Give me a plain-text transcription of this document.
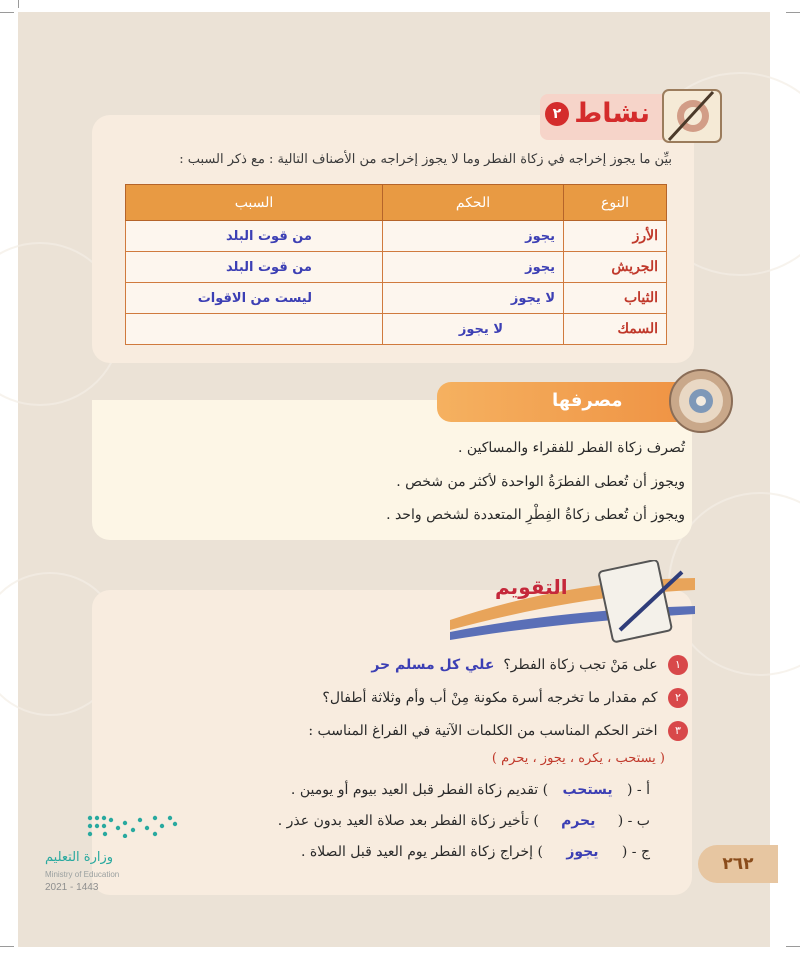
٢ نشاط
بيِّن ما يجوز إخراجه في زكاة الفطر وما لا يجوز إخراجه من الأصناف التالية : مع ذكر السبب :
النوع	الحكم	السبب
الأرز	يجوز	من قوت البلد
الجريش	يجوز	من قوت البلد
الثياب	لا يجوز	ليست من الاقوات
السمك	لا يجوز	
مصرفها
تُصرف زكاة الفطر للفقراء والمساكين .
ويجوز أن تُعطى الفطرَةُ الواحدة لأكثر من شخص .
ويجوز أن تُعطى زكاةُ الفِطْرِ المتعددة لشخص واحد .
التقويم
١ على مَنْ تجب زكاة الفطر؟  علي كل مسلم حر
٢ كم مقدار ما تخرجه أسرة مكونة مِنْ أب وأم وثلاثة أطفال؟
٣ اختر الحكم المناسب من الكلمات الآتية في الفراغ المناسب :
( يستحب ، يكره ، يجوز ، يحرم )
أ - ( يستحب ) تقديم زكاة الفطر قبل العيد بيوم أو يومين .
ب - ( يحرم ) تأخير زكاة الفطر بعد صلاة العيد بدون عذر .
ج - ( يجوز ) إخراج زكاة الفطر يوم العيد قبل الصلاة .
٢٦٢
وزارة التعليم
Ministry of Education
2021 - 1443
